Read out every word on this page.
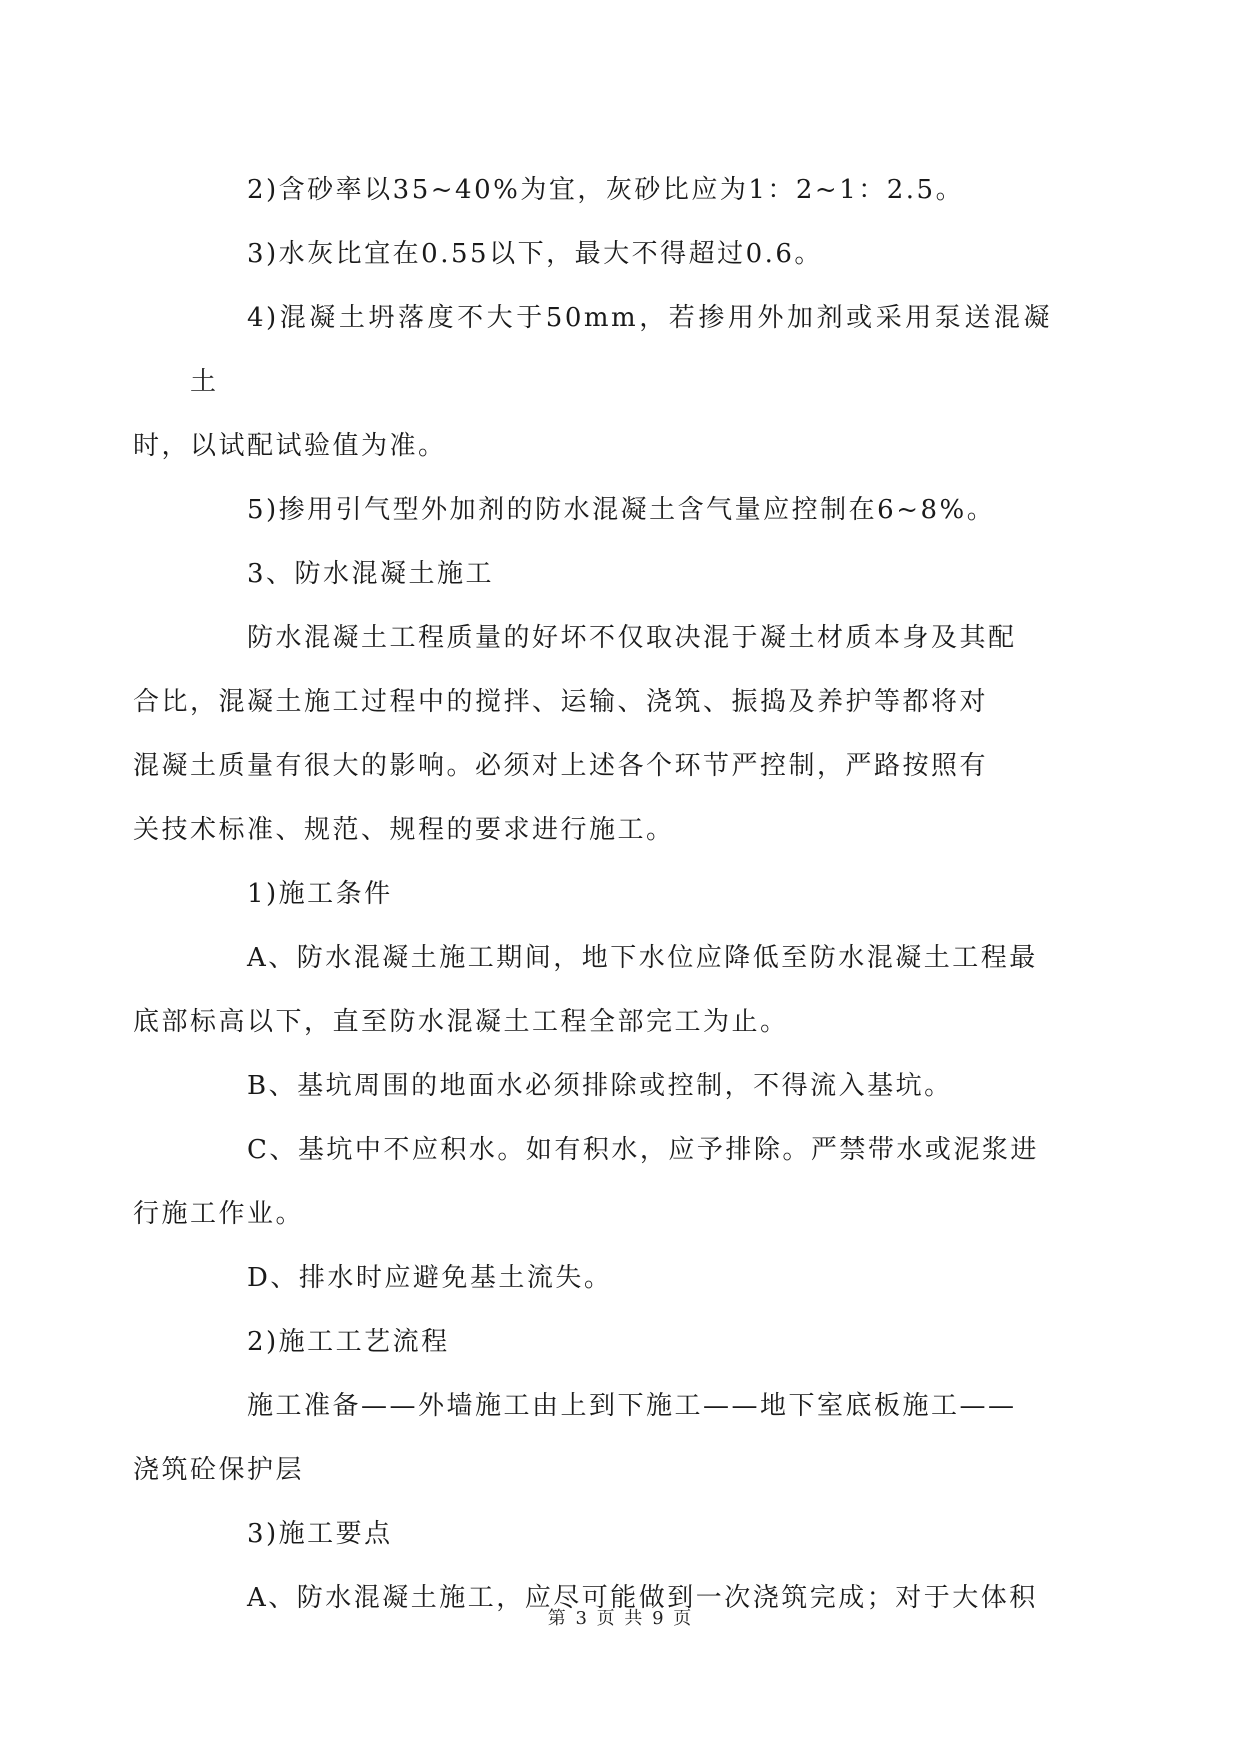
2)含砂率以35~40%为宜，灰砂比应为1：2~1：2.5。

3)水灰比宜在0.55以下，最大不得超过0.6。

4)混凝土坍落度不大于50mm，若掺用外加剂或采用泵送混凝土
时，以试配试验值为准。

5)掺用引气型外加剂的防水混凝土含气量应控制在6~8%。

3、防水混凝土施工

防水混凝土工程质量的好坏不仅取决混于凝土材质本身及其配
合比，混凝土施工过程中的搅拌、运输、浇筑、振捣及养护等都将对
混凝土质量有很大的影响。必须对上述各个环节严控制，严路按照有
关技术标准、规范、规程的要求进行施工。

1)施工条件

A、防水混凝土施工期间，地下水位应降低至防水混凝土工程最
底部标高以下，直至防水混凝土工程全部完工为止。

B、基坑周围的地面水必须排除或控制，不得流入基坑。

C、基坑中不应积水。如有积水，应予排除。严禁带水或泥浆进
行施工作业。

D、排水时应避免基土流失。

2)施工工艺流程

施工准备——外墙施工由上到下施工——地下室底板施工——
浇筑砼保护层

3)施工要点

A、防水混凝土施工，应尽可能做到一次浇筑完成；对于大体积

第 3 页 共 9 页
